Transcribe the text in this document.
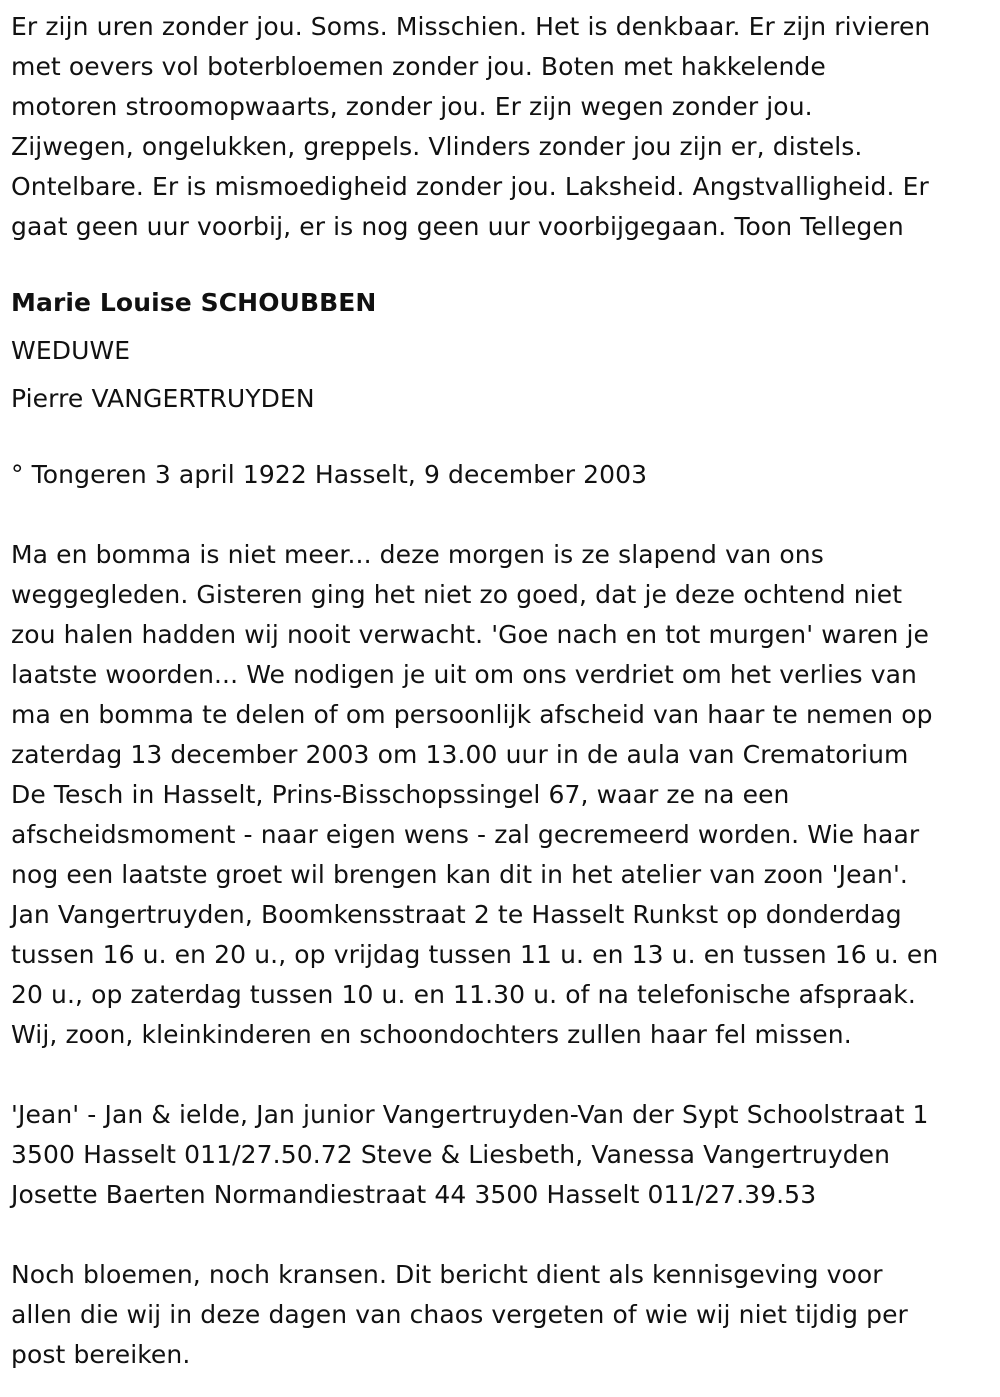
Er zijn uren zonder jou. Soms. Misschien. Het is denkbaar. Er zijn rivieren
met oevers vol boterbloemen zonder jou. Boten met hakkelende
motoren stroomopwaarts, zonder jou. Er zijn wegen zonder jou.
Zijwegen, ongelukken, greppels. Vlinders zonder jou zijn er, distels.
Ontelbare. Er is mismoedigheid zonder jou. Laksheid. Angstvalligheid. Er
gaat geen uur voorbij, er is nog geen uur voorbijgegaan. Toon Tellegen

Marie Louise SCHOUBBEN
WEDUWE
Pierre VANGERTRUYDEN

° Tongeren 3 april 1922 Hasselt, 9 december 2003

Ma en bomma is niet meer... deze morgen is ze slapend van ons
weggegleden. Gisteren ging het niet zo goed, dat je deze ochtend niet
zou halen hadden wij nooit verwacht. 'Goe nach en tot murgen' waren je
laatste woorden... We nodigen je uit om ons verdriet om het verlies van
ma en bomma te delen of om persoonlijk afscheid van haar te nemen op
zaterdag 13 december 2003 om 13.00 uur in de aula van Crematorium
De Tesch in Hasselt, Prins-Bisschopssingel 67, waar ze na een
afscheidsmoment - naar eigen wens - zal gecremeerd worden. Wie haar
nog een laatste groet wil brengen kan dit in het atelier van zoon 'Jean'.
Jan Vangertruyden, Boomkensstraat 2 te Hasselt Runkst op donderdag
tussen 16 u. en 20 u., op vrijdag tussen 11 u. en 13 u. en tussen 16 u. en
20 u., op zaterdag tussen 10 u. en 11.30 u. of na telefonische afspraak.
Wij, zoon, kleinkinderen en schoondochters zullen haar fel missen.

'Jean' - Jan & ielde, Jan junior Vangertruyden-Van der Sypt Schoolstraat 1
3500 Hasselt 011/27.50.72 Steve & Liesbeth, Vanessa Vangertruyden
Josette Baerten Normandiestraat 44 3500 Hasselt 011/27.39.53

Noch bloemen, noch kransen. Dit bericht dient als kennisgeving voor
allen die wij in deze dagen van chaos vergeten of wie wij niet tijdig per
post bereiken.
